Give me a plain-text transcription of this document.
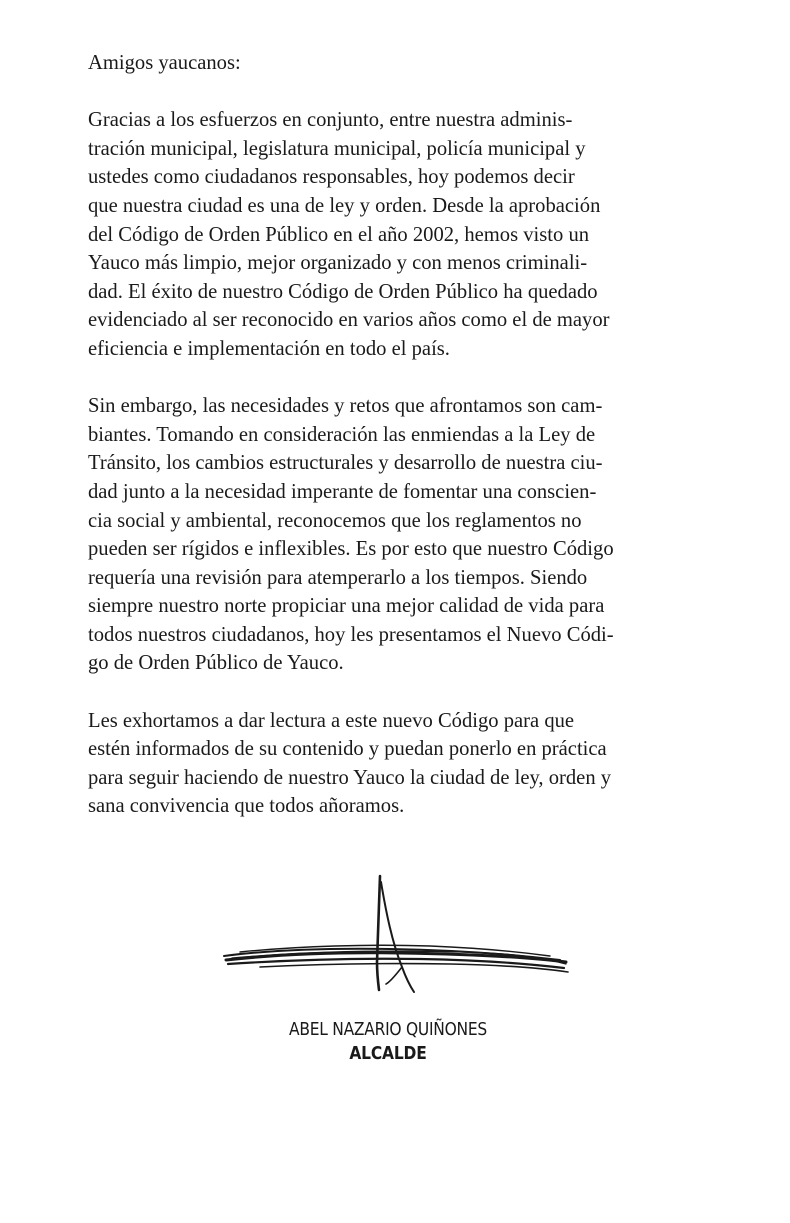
Amigos yaucanos:
Gracias a los esfuerzos en conjunto, entre nuestra adminis-
tración municipal, legislatura municipal, policía municipal y
ustedes como ciudadanos responsables, hoy podemos decir
que nuestra ciudad es una de ley y orden. Desde la aprobación
del Código de Orden Público en el año 2002, hemos visto un
Yauco más limpio, mejor organizado y con menos criminali-
dad. El éxito de nuestro Código de Orden Público ha quedado
evidenciado al ser reconocido en varios años como el de mayor
eficiencia e implementación en todo el país.
Sin embargo, las necesidades y retos que afrontamos son cam-
biantes. Tomando en consideración las enmiendas a la Ley de
Tránsito, los cambios estructurales y desarrollo de nuestra ciu-
dad junto a la necesidad imperante de fomentar una conscien-
cia social y ambiental, reconocemos que los reglamentos no
pueden ser rígidos e inflexibles. Es por esto que nuestro Código
requería una revisión para atemperarlo a los tiempos. Siendo
siempre nuestro norte propiciar una mejor calidad de vida para
todos nuestros ciudadanos, hoy les presentamos el Nuevo Códi-
go de Orden Público de Yauco.
Les exhortamos a dar lectura a este nuevo Código para que
estén informados de su contenido y puedan ponerlo en práctica
para seguir haciendo de nuestro Yauco la ciudad de ley, orden y
sana convivencia que todos añoramos.
ABEL NAZARIO QUIÑONES
ALCALDE
